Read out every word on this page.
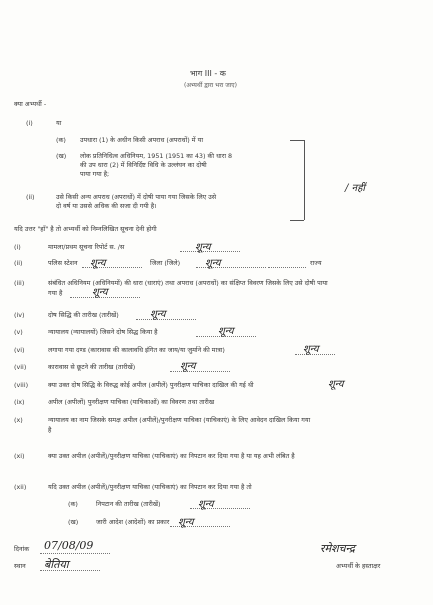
भाग III - क
(अभ्यर्थी द्वारा भरा जाए)
क्या अभ्यर्थी -
(i)	या
(क) उपधारा (1) के अधीन किसी अपराध (अपराधों) में या
(ख) लोक प्रतिनिधित्व अधिनियम, 1951 (1951 का 43) की धारा 8
की उप धारा (2) में विनिर्दिष्ट विधि के उल्लंघन का दोषी
पाया गया है;
/ नहीं
(ii)	उसे किसी अन्य अपराध (अपराधों) में दोषी पाया गया जिसके लिए उसे
दो वर्ष या उससे अधिक की सजा दी गयी है।
यदि उत्तर "हाँ" है तो अभ्यर्थी को निम्नलिखित सूचना देनी होगी
(i)	मामला/प्रथम सूचना रिपोर्ट स. /स	शून्य
(ii)	पलिस स्टेशन शून्य	जिला (जिले) शून्य	राज्य
(iii)	संबंधित अधिनियम (अधिनियमों) की धारा (धाराएं) तथा अपराध (अपराधों) का संक्षिप्त विवरण जिसके लिए उसे दोषी पाया
गया है	शून्य
(iv)	दोष सिद्धि की तारीख (तारीखें)	शून्य
(v)	न्यायालय (न्यायालयों) जिसने दोष सिद्ध किया है	शून्य
(vi)	लगाया गया दण्ड (कारावास की कालावधि इंगित का जाय/या जुर्माने की मात्रा)	शून्य
(vii)	कारावास से छूटने की तारीख (तारीखें)	शून्य
(viii)	क्या उक्त दोष सिद्धि के विरुद्ध कोई अपील (अपीलें) पुनरीक्षण याचिका दाखिल की गई थी	शून्य
(ix)	अपील (अपीलों) पुनरीक्षण याचिका (याचिकाओं) का विवरण तथा तारीख
(x)	न्यायालय का नाम जिसके समक्ष अपील (अपीलें)/पुनरीक्षण याचिका (याचिकाएं) के लिए आवेदन दाखिल किया गया
है
(xi)	क्या उक्त अपील (अपीलें)/पुनरीक्षण याचिका (याचिकाएं) का निपटान कर दिया गया है या यह अभी लंबित है
(xii)	यदि उक्त अपील (अपीलें)/पुनरीक्षण याचिका (याचिकाएं) का निपटान कर दिया गया है तो
(क)	निपटान की तारीख (तारीखें)	शून्य
(ख)	जारी आदेश (आदेशों) का प्रकार शून्य
दिनांक 07/08/09
स्थान बेतिया
रमेशचन्द्र
अभ्यर्थी के हस्ताक्षर
